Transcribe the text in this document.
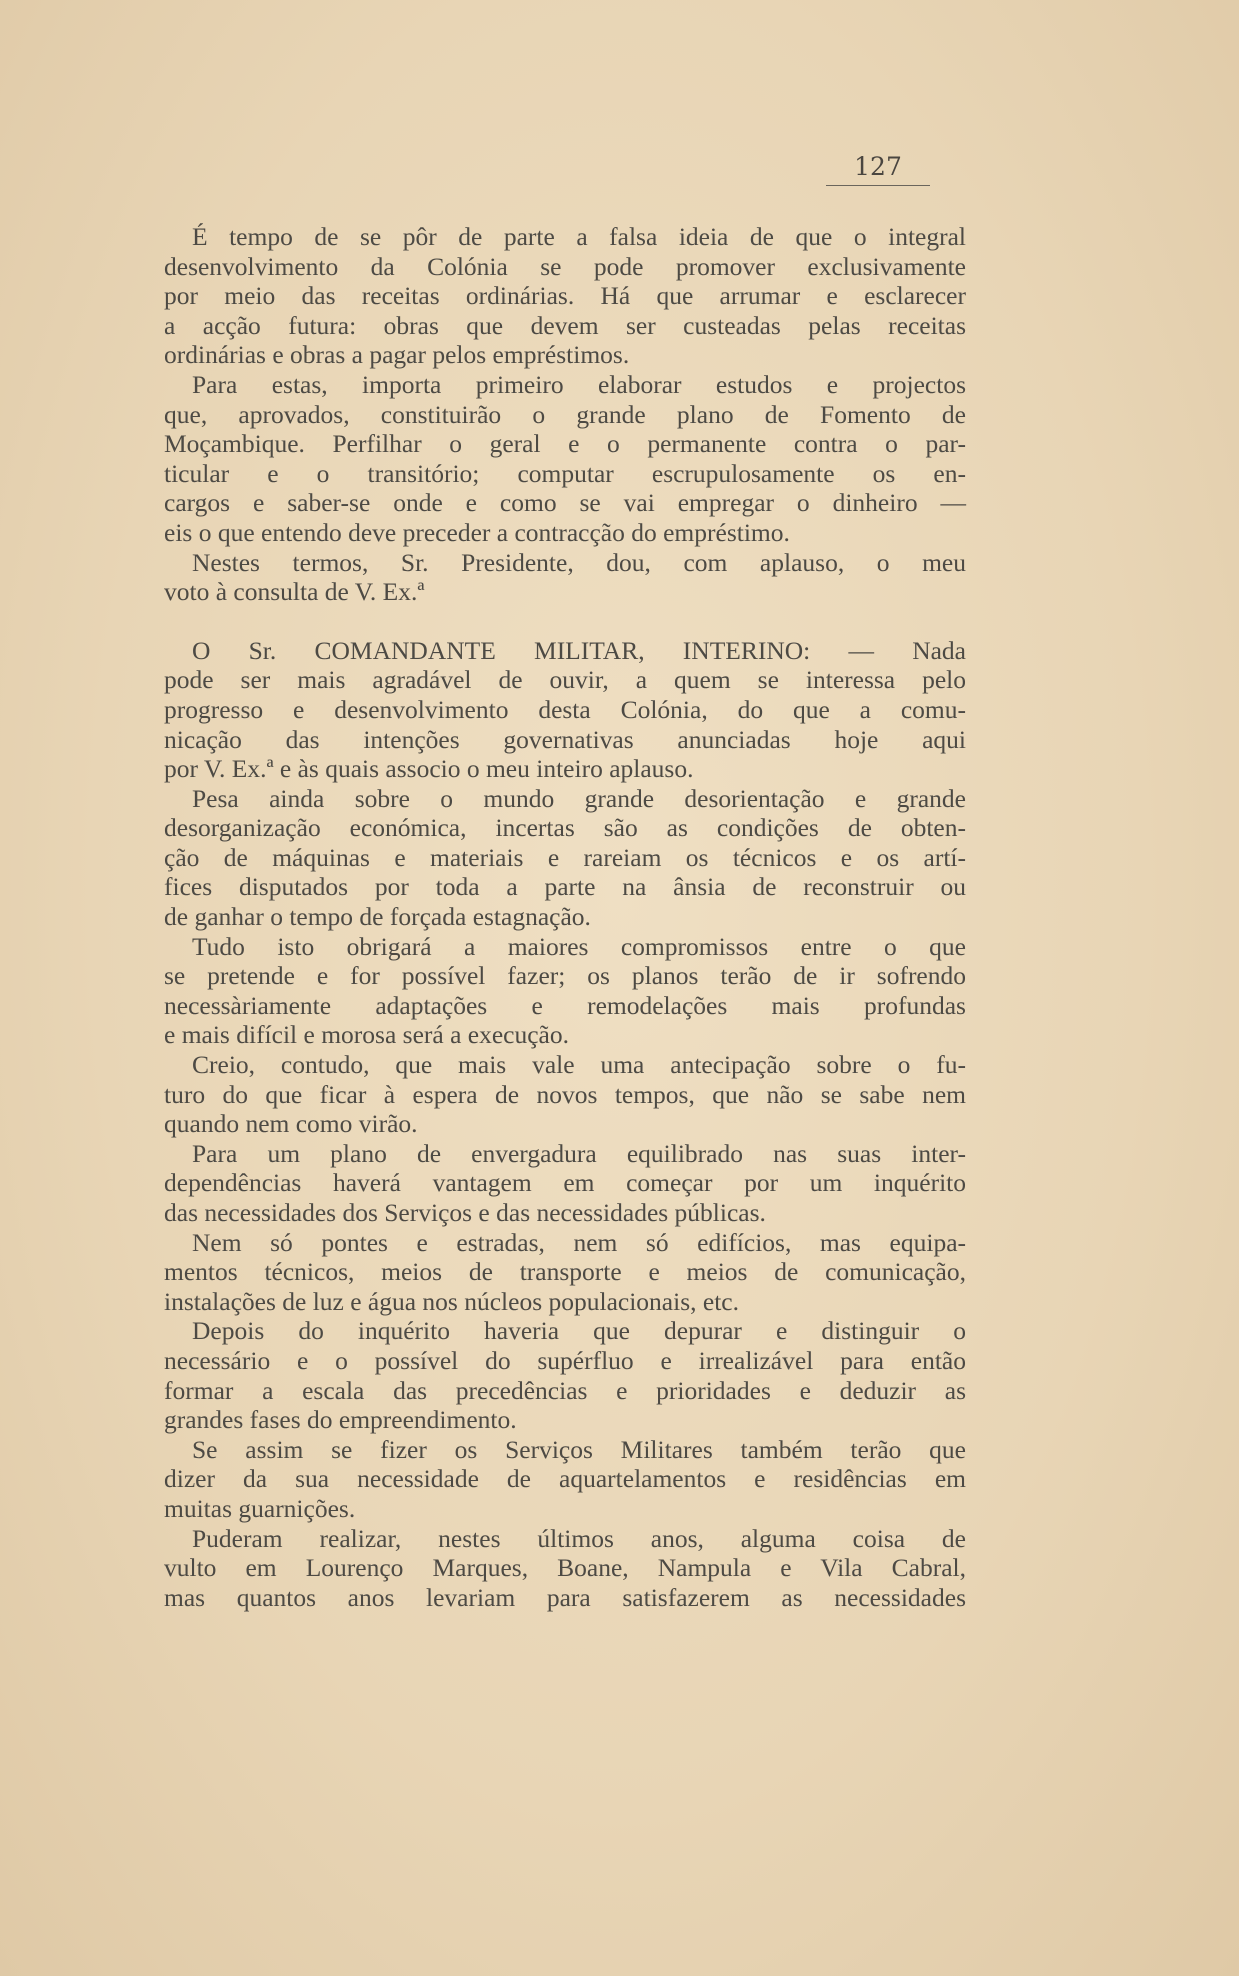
127
É tempo de se pôr de parte a falsa ideia de que o integral
desenvolvimento da Colónia se pode promover exclusivamente
por meio das receitas ordinárias. Há que arrumar e esclarecer
a acção futura: obras que devem ser custeadas pelas receitas
ordinárias e obras a pagar pelos empréstimos.
Para estas, importa primeiro elaborar estudos e projectos
que, aprovados, constituirão o grande plano de Fomento de
Moçambique. Perfilhar o geral e o permanente contra o par-
ticular e o transitório; computar escrupulosamente os en-
cargos e saber-se onde e como se vai empregar o dinheiro —
eis o que entendo deve preceder a contracção do empréstimo.
Nestes termos, Sr. Presidente, dou, com aplauso, o meu
voto à consulta de V. Ex.ª
O Sr. COMANDANTE MILITAR, INTERINO: — Nada
pode ser mais agradável de ouvir, a quem se interessa pelo
progresso e desenvolvimento desta Colónia, do que a comu-
nicação das intenções governativas anunciadas hoje aqui
por V. Ex.ª e às quais associo o meu inteiro aplauso.
Pesa ainda sobre o mundo grande desorientação e grande
desorganização económica, incertas são as condições de obten-
ção de máquinas e materiais e rareiam os técnicos e os artí-
fices disputados por toda a parte na ânsia de reconstruir ou
de ganhar o tempo de forçada estagnação.
Tudo isto obrigará a maiores compromissos entre o que
se pretende e for possível fazer; os planos terão de ir sofrendo
necessàriamente adaptações e remodelações mais profundas
e mais difícil e morosa será a execução.
Creio, contudo, que mais vale uma antecipação sobre o fu-
turo do que ficar à espera de novos tempos, que não se sabe nem
quando nem como virão.
Para um plano de envergadura equilibrado nas suas inter-
dependências haverá vantagem em começar por um inquérito
das necessidades dos Serviços e das necessidades públicas.
Nem só pontes e estradas, nem só edifícios, mas equipa-
mentos técnicos, meios de transporte e meios de comunicação,
instalações de luz e água nos núcleos populacionais, etc.
Depois do inquérito haveria que depurar e distinguir o
necessário e o possível do supérfluo e irrealizável para então
formar a escala das precedências e prioridades e deduzir as
grandes fases do empreendimento.
Se assim se fizer os Serviços Militares também terão que
dizer da sua necessidade de aquartelamentos e residências em
muitas guarnições.
Puderam realizar, nestes últimos anos, alguma coisa de
vulto em Lourenço Marques, Boane, Nampula e Vila Cabral,
mas quantos anos levariam para satisfazerem as necessidades
